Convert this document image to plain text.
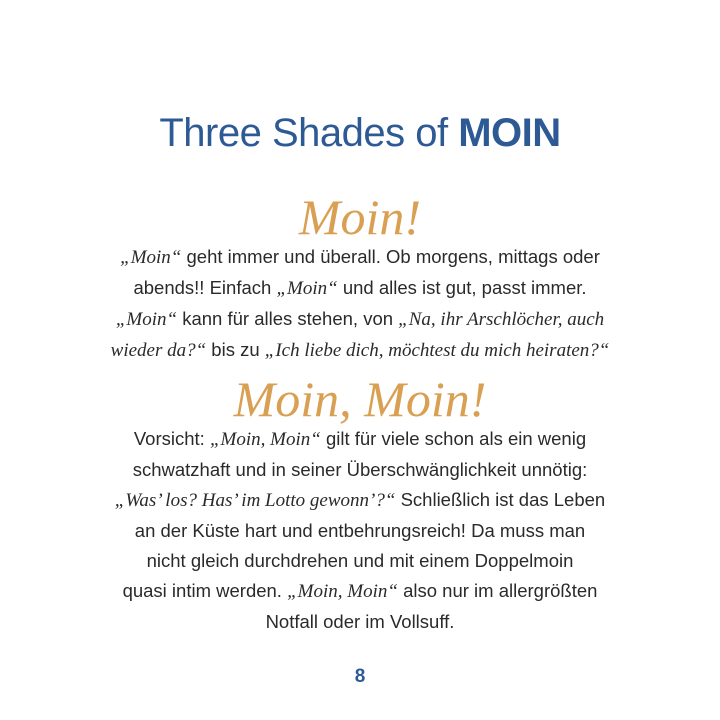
Three Shades of MOIN
Moin!
„Moin“ geht immer und überall. Ob morgens, mittags oder
abends!! Einfach „Moin“ und alles ist gut, passt immer.
„Moin“ kann für alles stehen, von „Na, ihr Arschlöcher, auch
wieder da?“ bis zu „Ich liebe dich, möchtest du mich heiraten?“
Moin, Moin!
Vorsicht: „Moin, Moin“ gilt für viele schon als ein wenig
schwatzhaft und in seiner Überschwänglichkeit unnötig:
„Was’ los? Has’ im Lotto gewonn’?“ Schließlich ist das Leben
an der Küste hart und entbehrungsreich! Da muss man
nicht gleich durchdrehen und mit einem Doppelmoin
quasi intim werden. „Moin, Moin“ also nur im allergrößten
Notfall oder im Vollsuff.
8
